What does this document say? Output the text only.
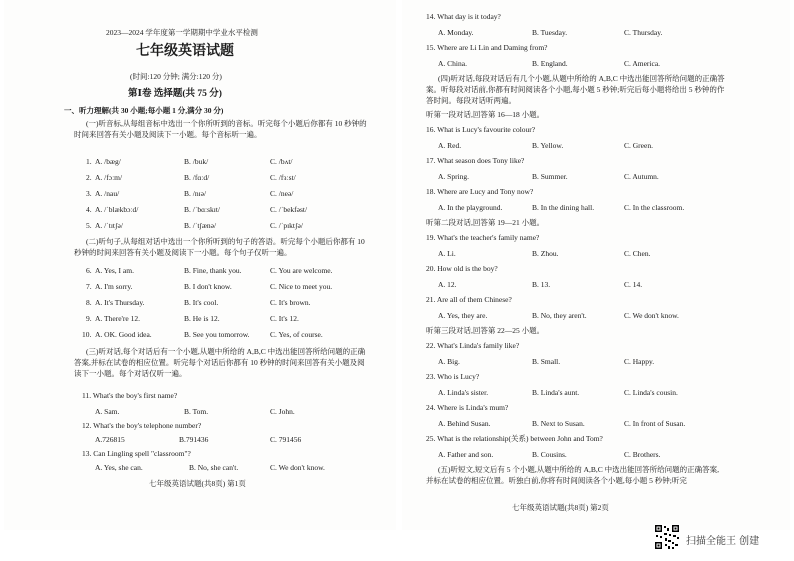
2023—2024 学年度第一学期期中学业水平检测
七年级英语试题
(时间:120 分钟; 满分:120 分)
第Ⅰ卷 选择题(共 75 分)
一、听力理解(共 30 小题;每小题 1 分,满分 30 分)
(一)听音标,从每组音标中选出一个你所听到的音标。听完每个小题后你都有 10 秒钟的时间来回答有关小题及阅读下一小题。每个音标听一遍。
1. A. /bæg/	B. /buk/	C. /bʌt/
2. A. /fɔːm/	B. /fɑːd/	C. /fɜːst/
3. A. /nau/	B. /nɪə/	C. /neə/
4. A. /ˈblækbɔːd/	B. /ˈbɑːskɪt/	C. /ˈbekfəst/
5. A. /ˈtɪtʃə/	B. /ˈtʃænə/	C. /ˈpɪktʃə/
(二)听句子,从每组对话中选出一个你所听到的句子的答语。听完每个小题后你都有 10 秒钟的时间来回答有关小题及阅读下一小题。每个句子仅听一遍。
6. A. Yes, I am.	B. Fine, thank you.	C. You are welcome.
7. A. I'm sorry.	B. I don't know.	C. Nice to meet you.
8. A. It's Thursday.	B. It's cool.	C. It's brown.
9. A. There're 12.	B. He is 12.	C. It's 12.
10. A. OK. Good idea.	B. See you tomorrow.	C. Yes, of course.
(三)听对话,每个对话后有一个小题,从题中所给的 A,B,C 中选出能回答所给问题的正确答案,并标在试卷的相应位置。听完每个对话后你都有 10 秒钟的时间来回答有关小题及阅读下一小题。每个对话仅听一遍。
11. What's the boy's first name?
A. Sam.	B. Tom.	C. John.
12. What's the boy's telephone number?
A.726815	B.791436	C. 791456
13. Can Lingling spell "classroom"?
A. Yes, she can.	B. No, she can't.	C. We don't know.
七年级英语试题(共8页) 第1页
14. What day is it today?
A. Monday.	B. Tuesday.	C. Thursday.
15. Where are Li Lin and Daming from?
A. China.	B. England.	C. America.
(四)听对话,每段对话后有几个小题,从题中所给的 A,B,C 中选出能回答所给问题的正确答案。听每段对话前,你都有时间阅读各个小题,每小题 5 秒钟;听完后每小题将给出 5 秒钟的作答时间。每段对话听两遍。
听第一段对话,回答第 16—18 小题。
16. What is Lucy's favourite colour?
A. Red.	B. Yellow.	C. Green.
17. What season does Tony like?
A. Spring.	B. Summer.	C. Autumn.
18. Where are Lucy and Tony now?
A. In the playground.	B. In the dining hall.	C. In the classroom.
听第二段对话,回答第 19—21 小题。
19. What's the teacher's family name?
A. Li.	B. Zhou.	C. Chen.
20. How old is the boy?
A. 12.	B. 13.	C. 14.
21. Are all of them Chinese?
A. Yes, they are.	B. No, they aren't.	C. We don't know.
听第三段对话,回答第 22—25 小题。
22. What's Linda's family like?
A. Big.	B. Small.	C. Happy.
23. Who is Lucy?
A. Linda's sister.	B. Linda's aunt.	C. Linda's cousin.
24. Where is Linda's mum?
A. Behind Susan.	B. Next to Susan.	C. In front of Susan.
25. What is the relationship(关系) between John and Tom?
A. Father and son.	B. Cousins.	C. Brothers.
(五)听短文,短文后有 5 个小题,从题中所给的 A,B,C 中选出能回答所给问题的正确答案,并标在试卷的相应位置。听独白前,你将有时间阅读各个小题,每小题 5 秒钟;听完
七年级英语试题(共8页) 第2页
扫描全能王 创建
